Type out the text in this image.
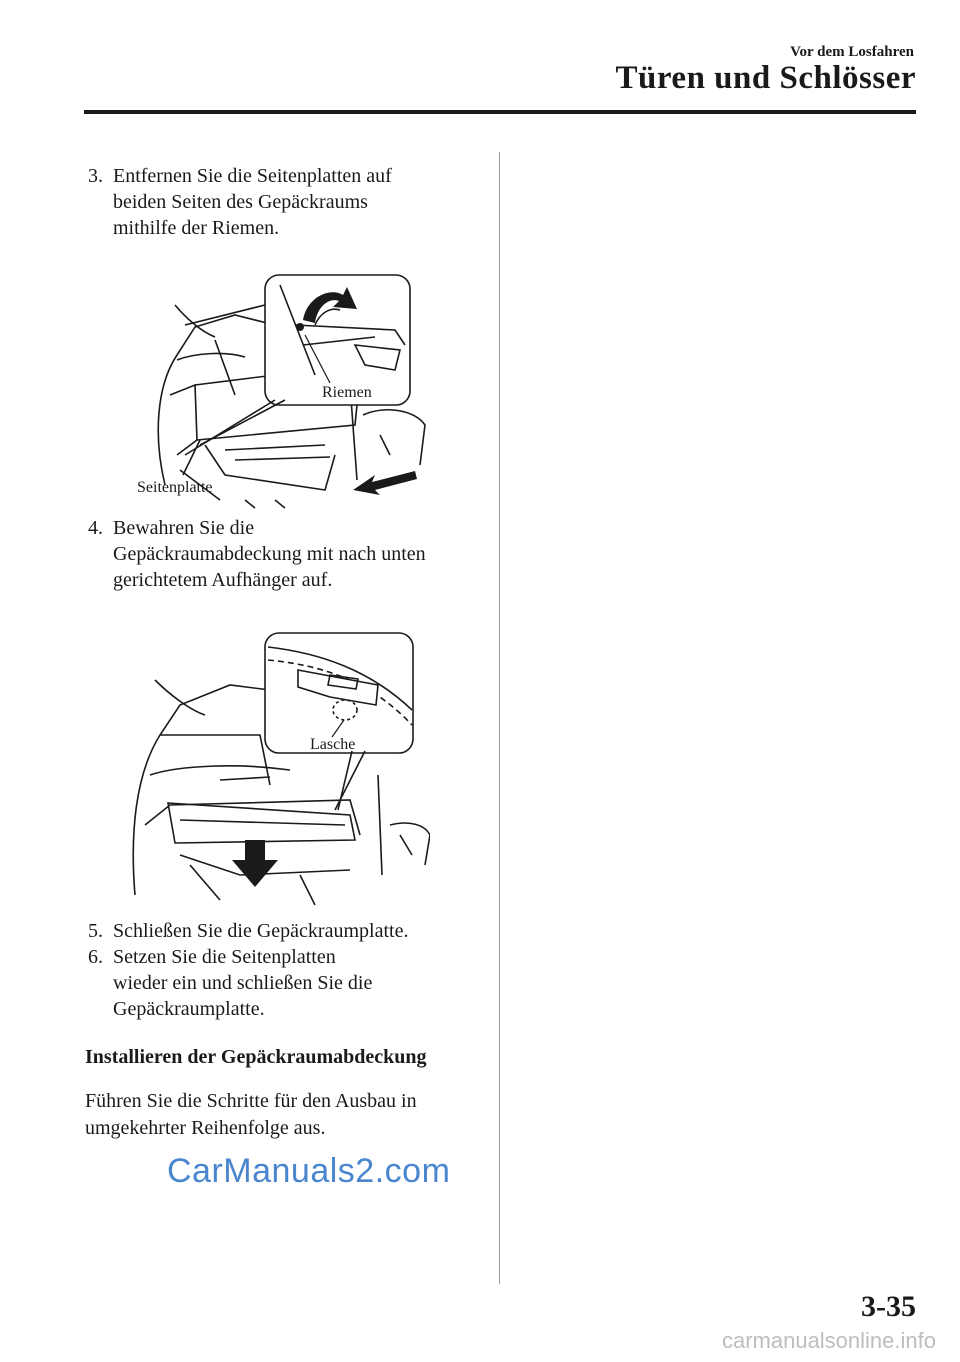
Vor dem Losfahren
Türen und Schlösser
3. Entfernen Sie die Seitenplatten auf
beiden Seiten des Gepäckraums
mithilfe der Riemen.
Riemen
Seitenplatte
4. Bewahren Sie die
Gepäckraumabdeckung mit nach unten
gerichtetem Aufhänger auf.
Lasche
5. Schließen Sie die Gepäckraumplatte.
6. Setzen Sie die Seitenplatten
wieder ein und schließen Sie die
Gepäckraumplatte.
Installieren der Gepäckraumabdeckung
Führen Sie die Schritte für den Ausbau in
umgekehrter Reihenfolge aus.
CarManuals2.com
3-35
carmanualsonline.info
